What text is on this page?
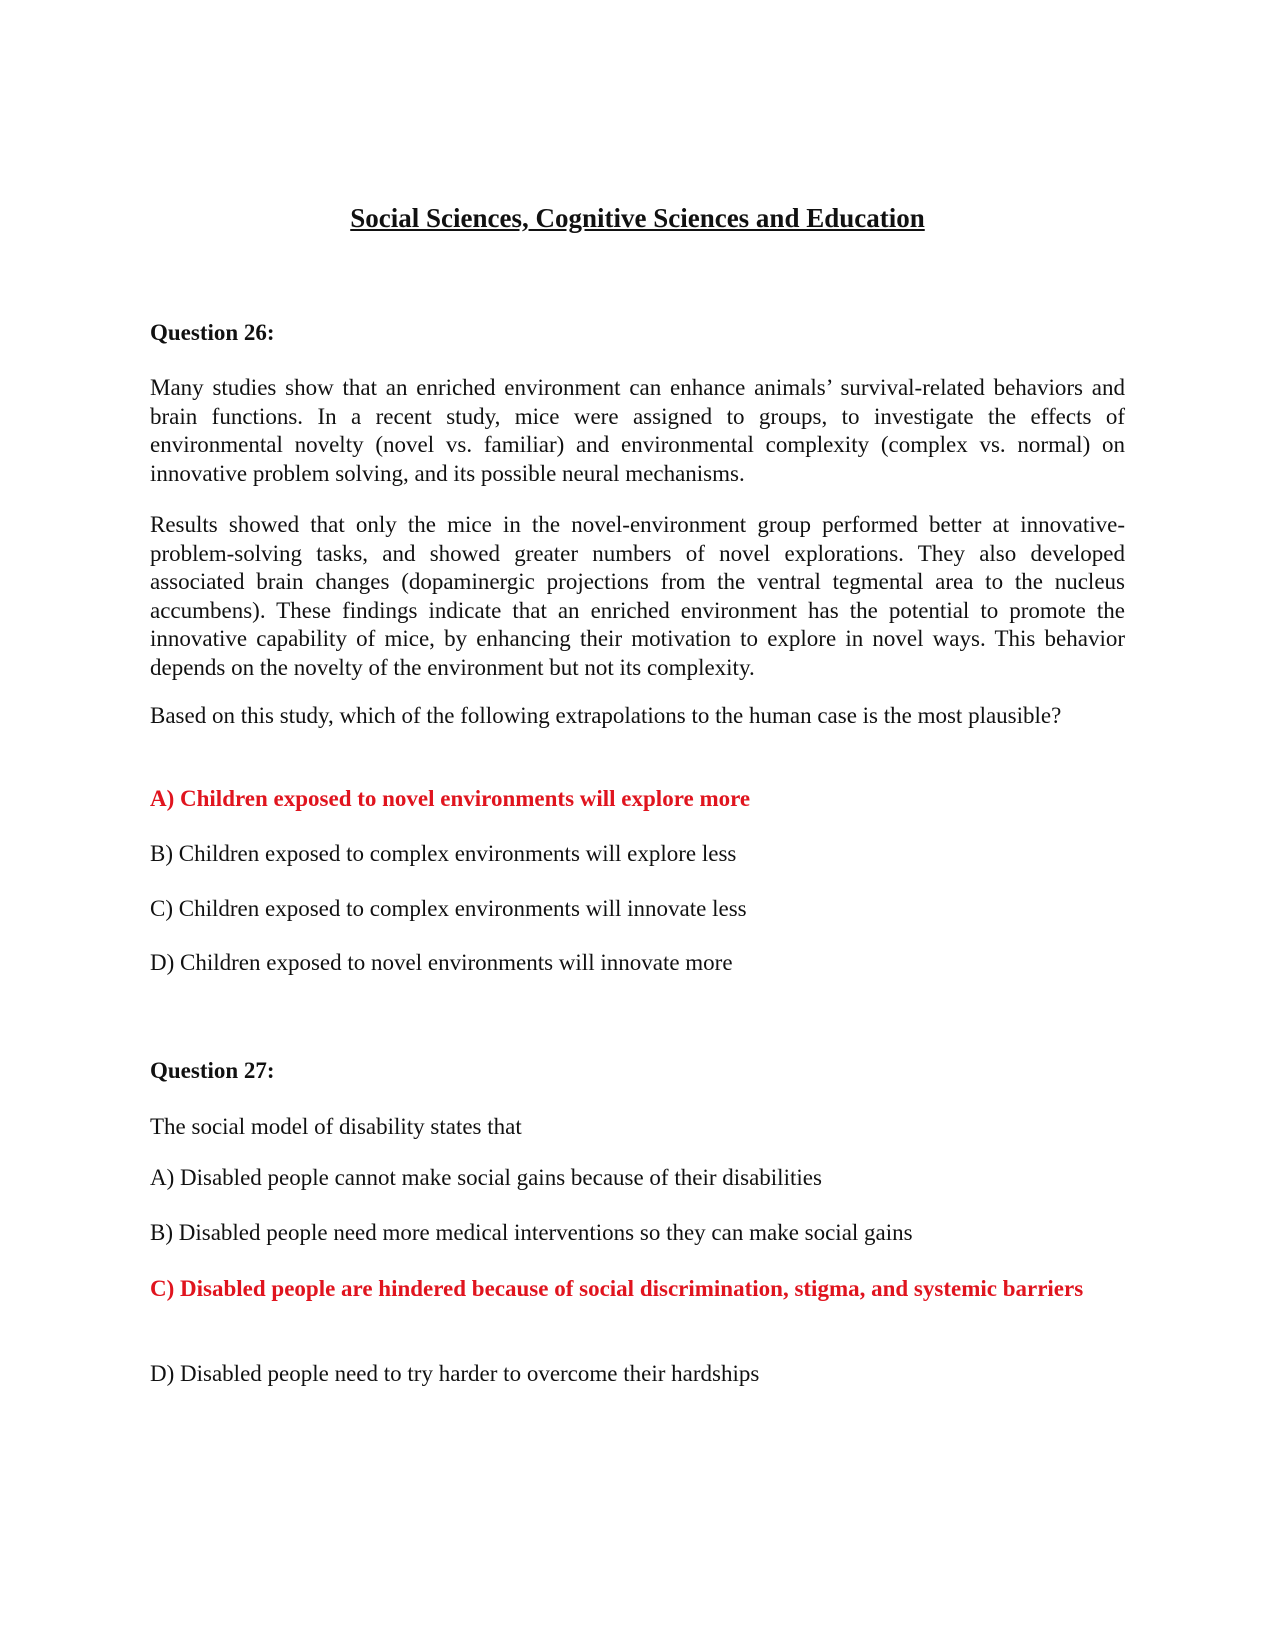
Social Sciences, Cognitive Sciences and Education

Question 26:

Many studies show that an enriched environment can enhance animals’ survival-related behaviors and brain functions. In a recent study, mice were assigned to groups, to investigate the effects of environmental novelty (novel vs. familiar) and environmental complexity (complex vs. normal) on innovative problem solving, and its possible neural mechanisms.

Results showed that only the mice in the novel-environment group performed better at innovative-problem-solving tasks, and showed greater numbers of novel explorations. They also developed associated brain changes (dopaminergic projections from the ventral tegmental area to the nucleus accumbens). These findings indicate that an enriched environment has the potential to promote the innovative capability of mice, by enhancing their motivation to explore in novel ways. This behavior depends on the novelty of the environment but not its complexity.

Based on this study, which of the following extrapolations to the human case is the most plausible?

A) Children exposed to novel environments will explore more

B) Children exposed to complex environments will explore less

C) Children exposed to complex environments will innovate less

D) Children exposed to novel environments will innovate more

Question 27:

The social model of disability states that

A) Disabled people cannot make social gains because of their disabilities

B) Disabled people need more medical interventions so they can make social gains

C) Disabled people are hindered because of social discrimination, stigma, and systemic barriers

D) Disabled people need to try harder to overcome their hardships
